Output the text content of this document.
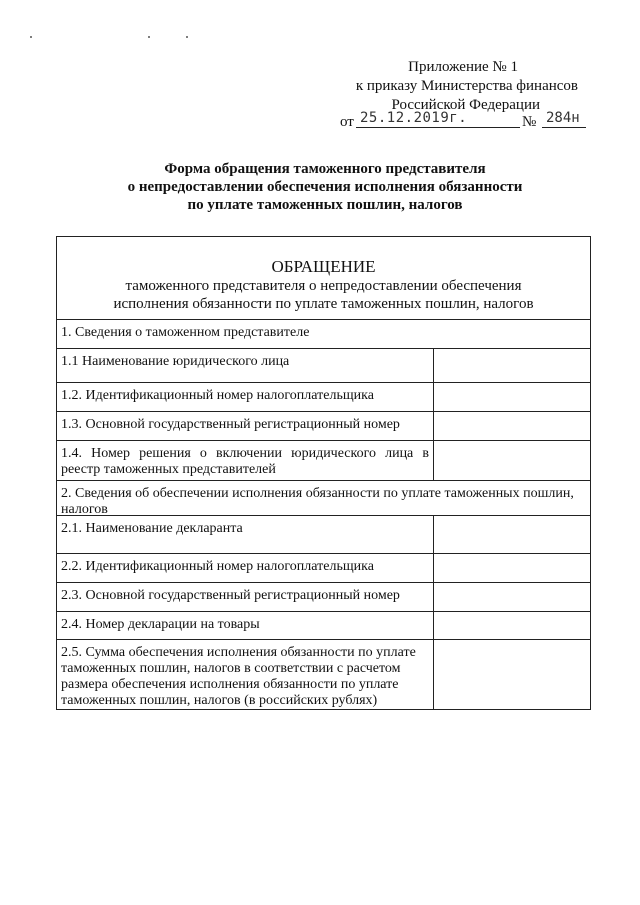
Приложение № 1
к приказу Министерства финансов
Российской Федерации
от 25.12.2019г.	№ 284н
Форма обращения таможенного представителя
о непредоставлении обеспечения исполнения обязанности
по уплате таможенных пошлин, налогов
ОБРАЩЕНИЕ
таможенного представителя о непредоставлении обеспечения
исполнения обязанности по уплате таможенных пошлин, налогов
1. Сведения о таможенном представителе
1.1 Наименование юридического лица
1.2. Идентификационный номер налогоплательщика
1.3. Основной государственный регистрационный номер
1.4. Номер решения о включении юридического лица в реестр таможенных представителей
2. Сведения об обеспечении исполнения обязанности по уплате таможенных пошлин, налогов
2.1. Наименование декларанта
2.2. Идентификационный номер налогоплательщика
2.3. Основной государственный регистрационный номер
2.4. Номер декларации на товары
2.5. Сумма обеспечения исполнения обязанности по уплате таможенных пошлин, налогов в соответствии с расчетом размера обеспечения исполнения обязанности по уплате таможенных пошлин, налогов (в российских рублях)
